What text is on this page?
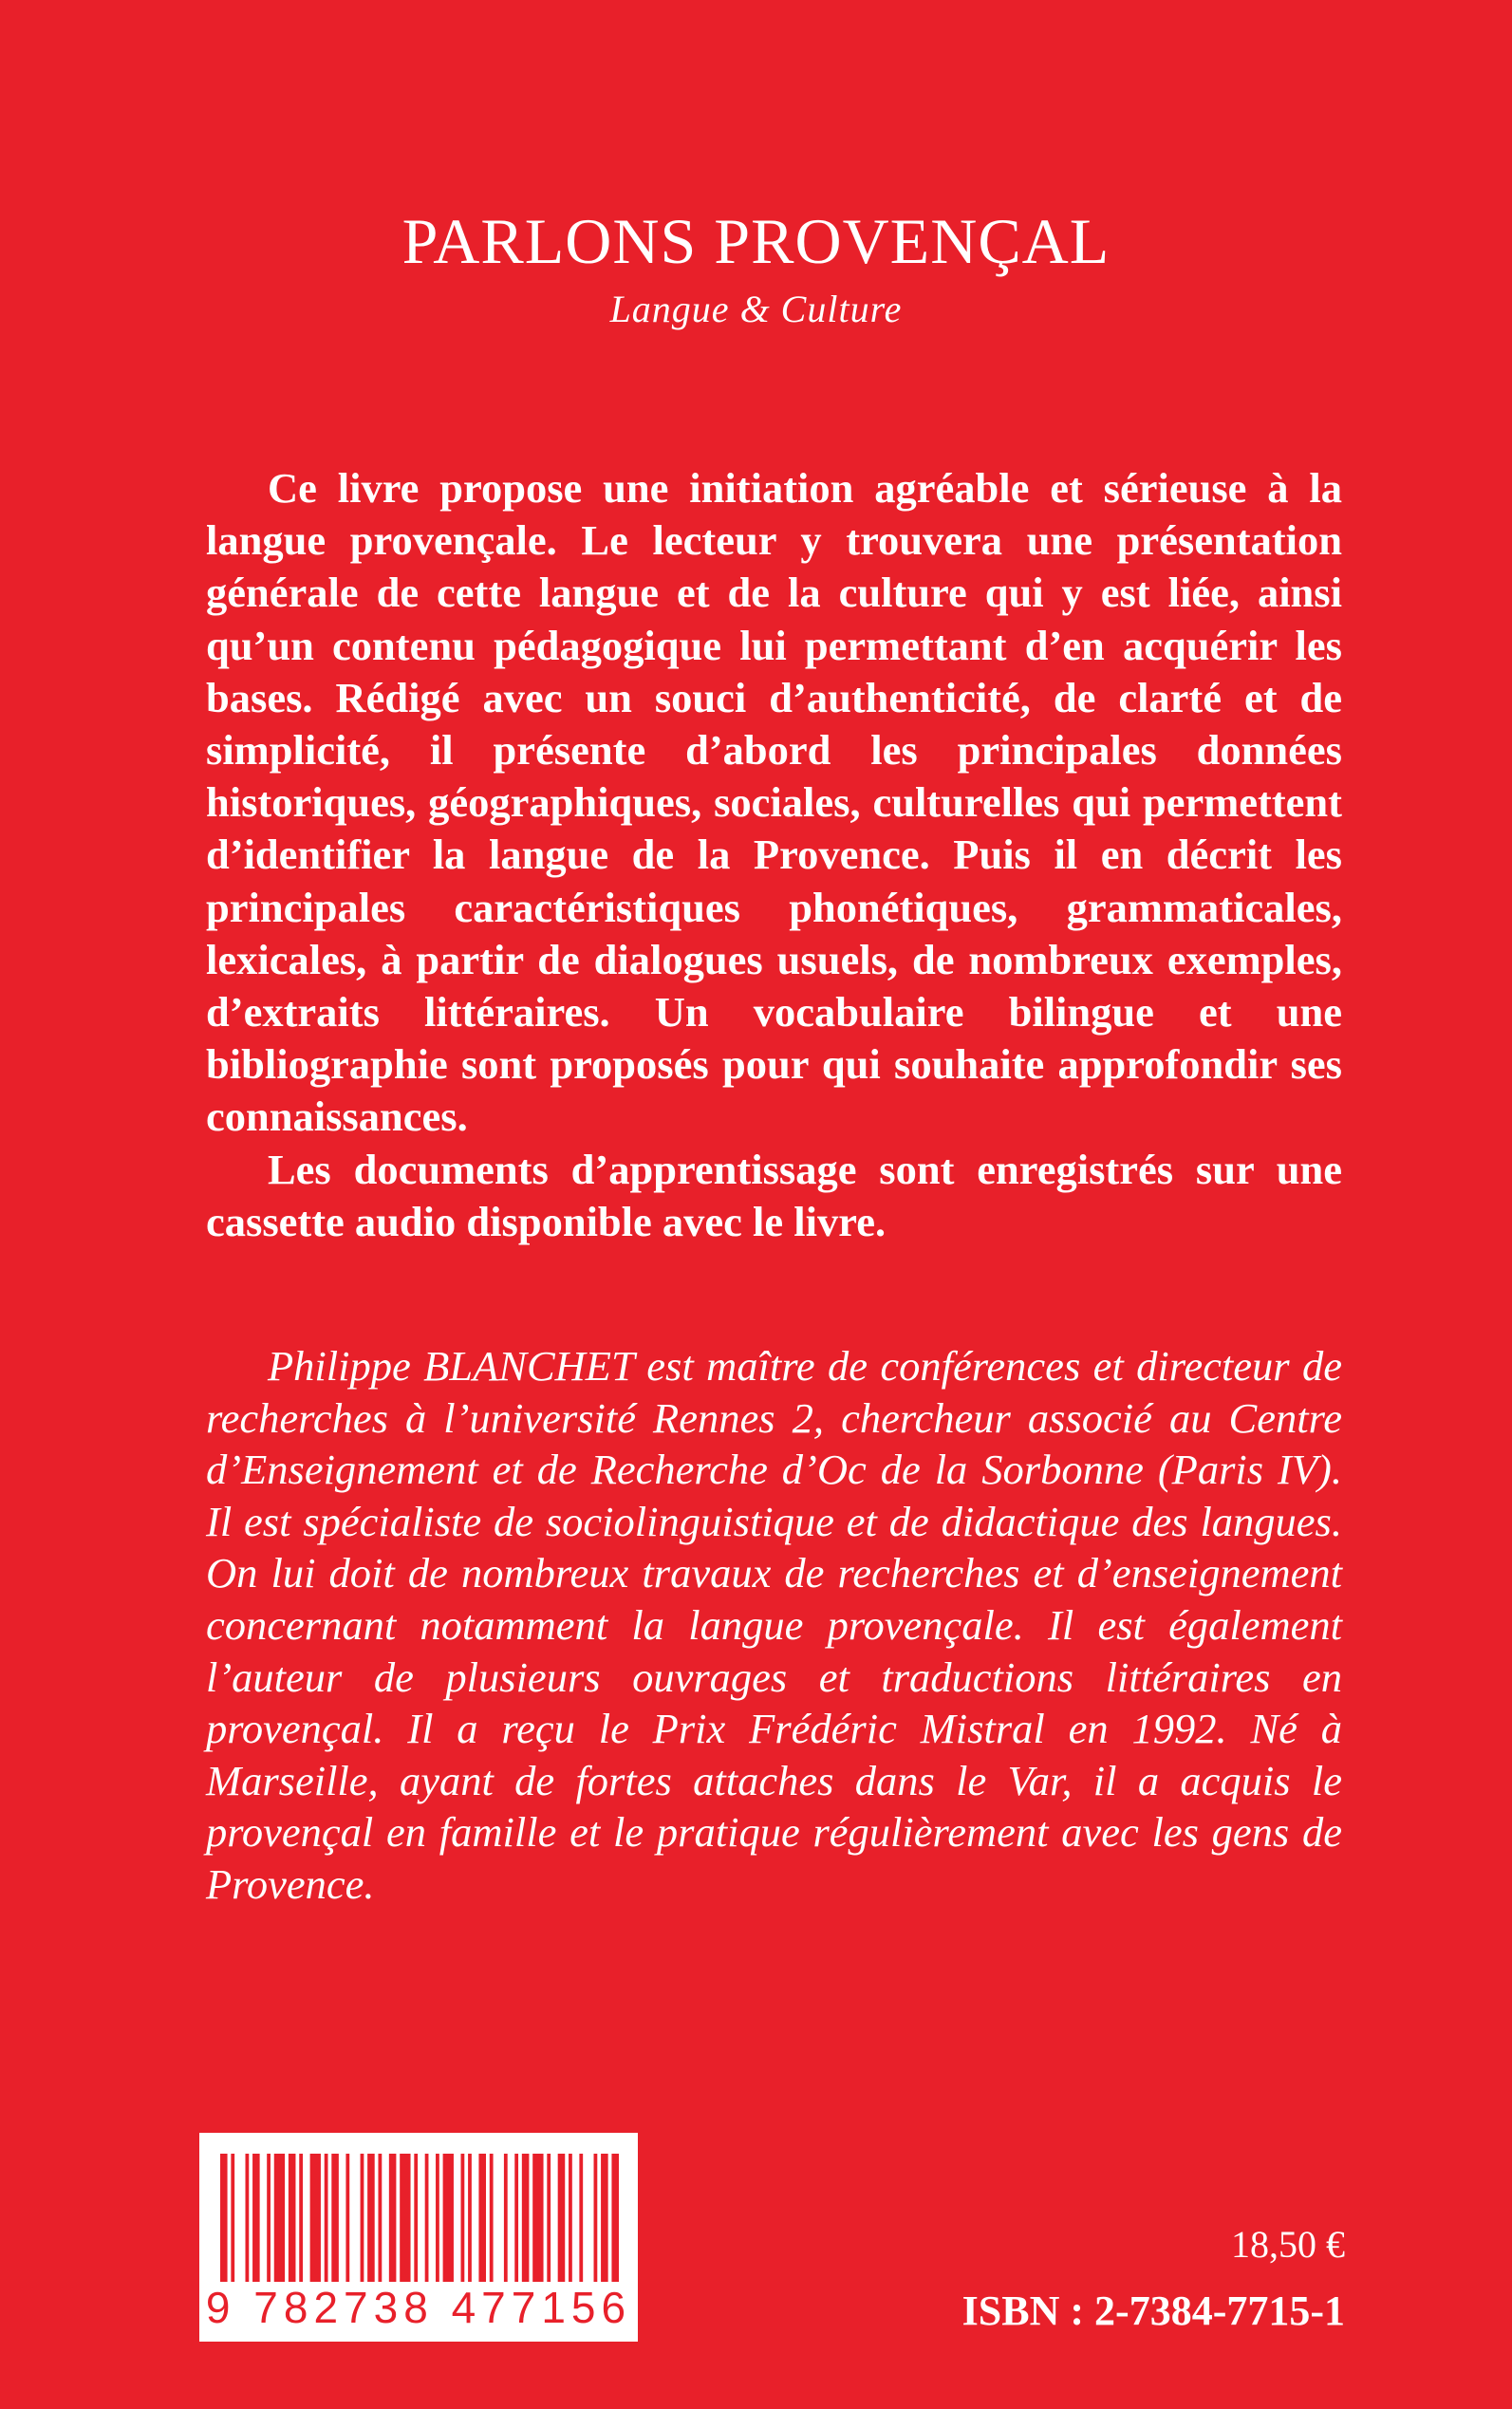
PARLONS PROVENÇAL
Langue & Culture

Ce livre propose une initiation agréable et sérieuse à la langue provençale. Le lecteur y trouvera une présentation générale de cette langue et de la culture qui y est liée, ainsi qu’un contenu pédagogique lui permettant d’en acquérir les bases. Rédigé avec un souci d’authenticité, de clarté et de simplicité, il présente d’abord les principales données historiques, géographiques, sociales, culturelles qui permettent d’identifier la langue de la Provence. Puis il en décrit les principales caractéristiques phonétiques, grammaticales, lexicales, à partir de dialogues usuels, de nombreux exemples, d’extraits littéraires. Un vocabulaire bilingue et une bibliographie sont proposés pour qui souhaite approfondir ses connaissances.

Les documents d’apprentissage sont enregistrés sur une cassette audio disponible avec le livre.

Philippe BLANCHET est maître de conférences et directeur de recherches à l’université Rennes 2, chercheur associé au Centre d’Enseignement et de Recherche d’Oc de la Sorbonne (Paris IV). Il est spécialiste de sociolinguistique et de didactique des langues. On lui doit de nombreux travaux de recherches et d’enseignement concernant notamment la langue provençale. Il est également l’auteur de plusieurs ouvrages et traductions littéraires en provençal. Il a reçu le Prix Frédéric Mistral en 1992. Né à Marseille, ayant de fortes attaches dans le Var, il a acquis le provençal en famille et le pratique régulièrement avec les gens de Provence.

9 782738 477156

18,50 €

ISBN : 2-7384-7715-1
